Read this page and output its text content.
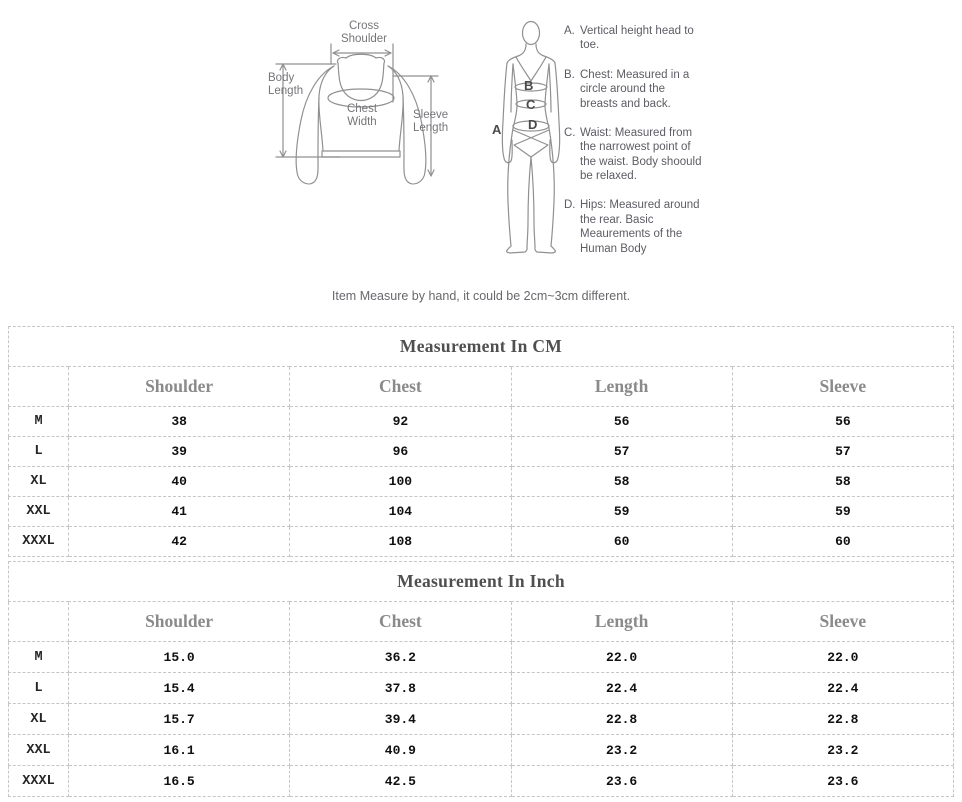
Cross Shoulder
Body Length
Chest Width
Sleeve Length	A
B
C
D
A. Vertical height head to toe.
B. Chest: Measured in a circle around the breasts and back.
C. Waist: Measured from the narrowest point of the waist. Body shoould be relaxed.
D. Hips: Measured around the rear. Basic Meaurements of the Human Body
Item Measure by hand, it could be 2cm~3cm different.
Measurement In CM				
	Shoulder	Chest	Length	Sleeve
M	38	92	56	56
L	39	96	57	57
XL	40	100	58	58
XXL	41	104	59	59
XXXL	42	108	60	60
Measurement In Inch				
	Shoulder	Chest	Length	Sleeve
M	15.0	36.2	22.0	22.0
L	15.4	37.8	22.4	22.4
XL	15.7	39.4	22.8	22.8
XXL	16.1	40.9	23.2	23.2
XXXL	16.5	42.5	23.6	23.6
